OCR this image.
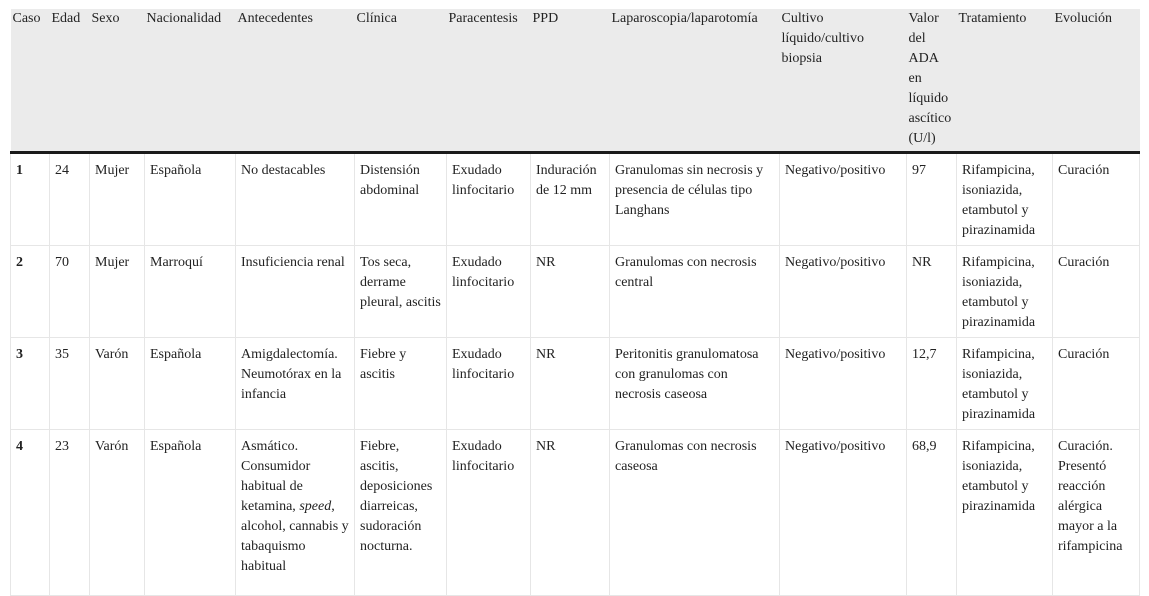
Caso	Edad	Sexo	Nacionalidad	Antecedentes	Clínica	Paracentesis	PPD	Laparoscopia/laparotomía	Cultivo líquido/cultivo biopsia	Valor del ADA en líquido ascítico (U/l)	Tratamiento	Evolución
1	24	Mujer	Española	No destacables	Distensión abdominal	Exudado linfocitario	Induración de 12 mm	Granulomas sin necrosis y presencia de células tipo Langhans	Negativo/positivo	97	Rifampicina, isoniazida, etambutol y pirazinamida	Curación
2	70	Mujer	Marroquí	Insuficiencia renal	Tos seca, derrame pleural, ascitis	Exudado linfocitario	NR	Granulomas con necrosis central	Negativo/positivo	NR	Rifampicina, isoniazida, etambutol y pirazinamida	Curación
3	35	Varón	Española	Amigdalectomía. Neumotórax en la infancia	Fiebre y ascitis	Exudado linfocitario	NR	Peritonitis granulomatosa con granulomas con necrosis caseosa	Negativo/positivo	12,7	Rifampicina, isoniazida, etambutol y pirazinamida	Curación
4	23	Varón	Española	Asmático. Consumidor habitual de ketamina, speed, alcohol, cannabis y tabaquismo habitual	Fiebre, ascitis, deposiciones diarreicas, sudoración nocturna.	Exudado linfocitario	NR	Granulomas con necrosis caseosa	Negativo/positivo	68,9	Rifampicina, isoniazida, etambutol y pirazinamida	Curación. Presentó reacción alérgica mayor a la rifampicina
